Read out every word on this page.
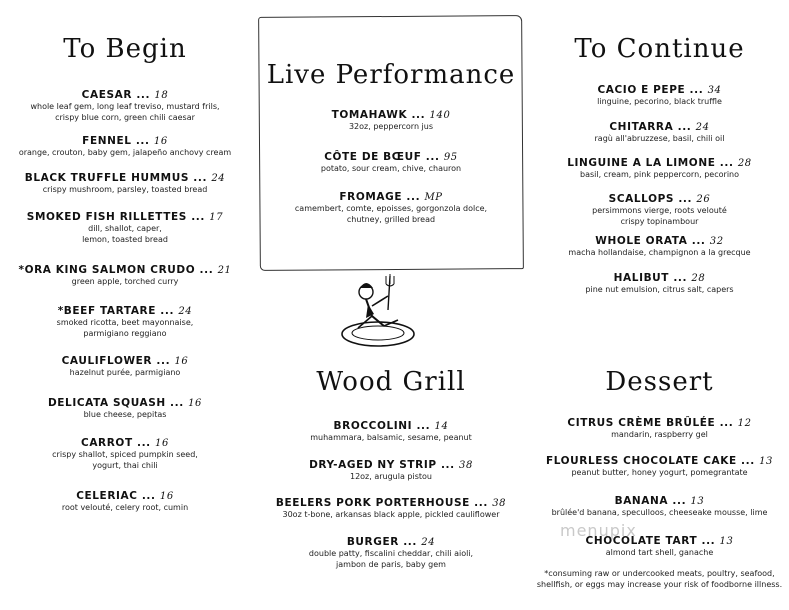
To Begin
CAESAR ... 18
whole leaf gem, long leaf treviso, mustard frils,
crispy blue corn, green chili caesar
FENNEL ... 16
orange, crouton, baby gem, jalapeño anchovy cream
BLACK TRUFFLE HUMMUS ... 24
crispy mushroom, parsley, toasted bread
SMOKED FISH RILLETTES ... 17
dill, shallot, caper,
lemon, toasted bread
*ORA KING SALMON CRUDO ... 21
green apple, torched curry
*BEEF TARTARE ... 24
smoked ricotta, beet mayonnaise,
parmigiano reggiano
CAULIFLOWER ... 16
hazelnut purée, parmigiano
DELICATA SQUASH ... 16
blue cheese, pepitas
CARROT ... 16
crispy shallot, spiced pumpkin seed,
yogurt, thai chili
CELERIAC ... 16
root velouté, celery root, cumin
Live Performance
TOMAHAWK ... 140
32oz, peppercorn jus
CÔTE DE BŒUF ... 95
potato, sour cream, chive, chauron
FROMAGE ... MP
camembert, comte, epoisses, gorgonzola dolce,
chutney, grilled bread
Wood Grill
BROCCOLINI ... 14
muhammara, balsamic, sesame, peanut
DRY-AGED NY STRIP ... 38
12oz, arugula pistou
BEELERS PORK PORTERHOUSE ... 38
30oz t-bone, arkansas black apple, pickled cauliflower
BURGER ... 24
double patty, fiscalini cheddar, chili aioli,
jambon de paris, baby gem
To Continue
CACIO E PEPE ... 34
linguine, pecorino, black truffle
CHITARRA ... 24
ragù all'abruzzese, basil, chili oil
LINGUINE A LA LIMONE ... 28
basil, cream, pink peppercorn, pecorino
SCALLOPS ... 26
persimmons vierge, roots velouté
crispy topinambour
WHOLE ORATA ... 32
macha hollandaise, champignon a la grecque
HALIBUT ... 28
pine nut emulsion, citrus salt, capers
Dessert
CITRUS CRÈME BRÛLÉE ... 12
mandarin, raspberry gel
FLOURLESS CHOCOLATE CAKE ... 13
peanut butter, honey yogurt, pomegrantate
BANANA ... 13
brûlée'd banana, speculloos, cheeseake mousse, lime
CHOCOLATE TART ... 13
almond tart shell, ganache
menupix
*consuming raw or undercooked meats, poultry, seafood,
shellfish, or eggs may increase your risk of foodborne illness.
